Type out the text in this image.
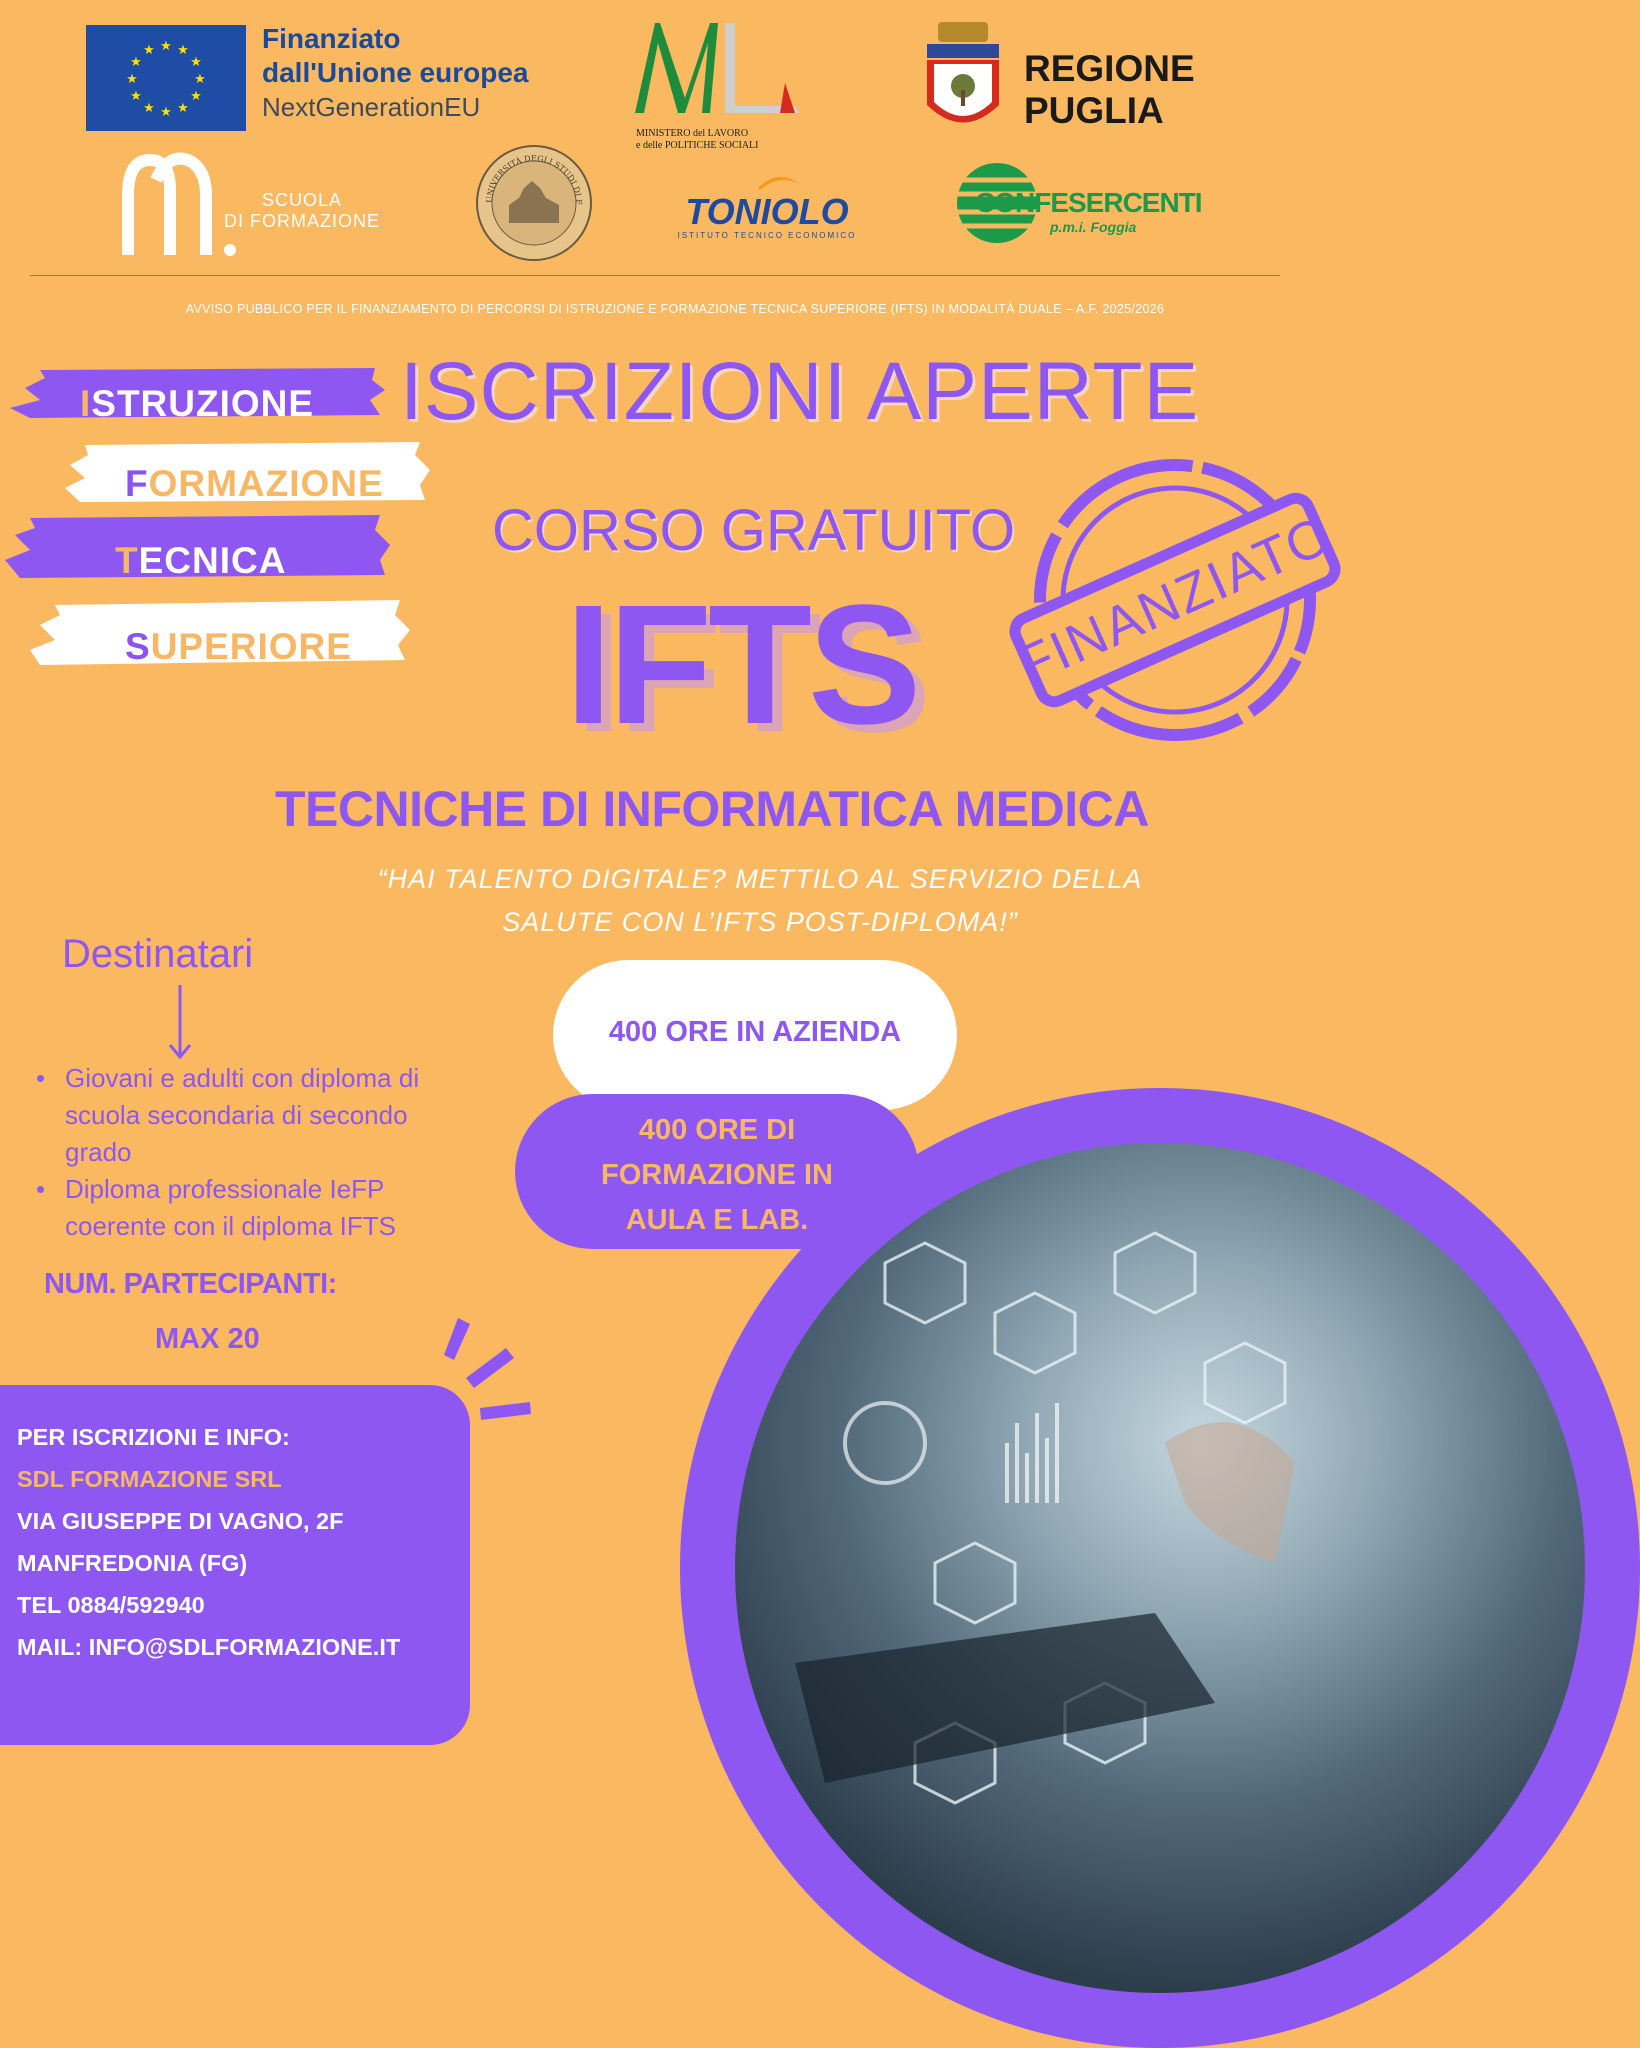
★ ★
★
★
★
★
★
★
★
★
★
★	Finanziato
dall'Unione europea
NextGenerationEU
MINISTERO del LAVORO
e delle POLITICHE SOCIALI
REGIONE
PUGLIA
SCUOLA
DI FORMAZIONE
UNIVERSITÀ DEGLI STUDI DI F	TONIOLO
ISTITUTO TECNICO ECONOMICO
CONFESERCENTI
p.m.i. Foggia
AVVISO PUBBLICO PER IL FINANZIAMENTO DI PERCORSI DI ISTRUZIONE E FORMAZIONE TECNICA SUPERIORE (IFTS) IN MODALITÀ DUALE – A.F. 2025/2026
ISTRUZIONE
FORMAZIONE
TECNICA
SUPERIORE
ISCRIZIONI APERTE
CORSO GRATUITO
IFTS FINANZIATO
TECNICHE DI INFORMATICA MEDICA
“HAI TALENTO DIGITALE? METTILO AL SERVIZIO DELLA
SALUTE CON L’IFTS POST-DIPLOMA!”
Destinatari
• Giovani e adulti con diploma di scuola secondaria di secondo grado
• Diploma professionale IeFP coerente con il diploma IFTS
NUM. PARTECIPANTI:
MAX 20
400 ORE IN AZIENDA
400 ORE DI
FORMAZIONE IN
AULA E LAB.
PER ISCRIZIONI E INFO:
SDL FORMAZIONE SRL
VIA GIUSEPPE DI VAGNO, 2F
MANFREDONIA (FG)
TEL 0884/592940
MAIL: INFO@SDLFORMAZIONE.IT
